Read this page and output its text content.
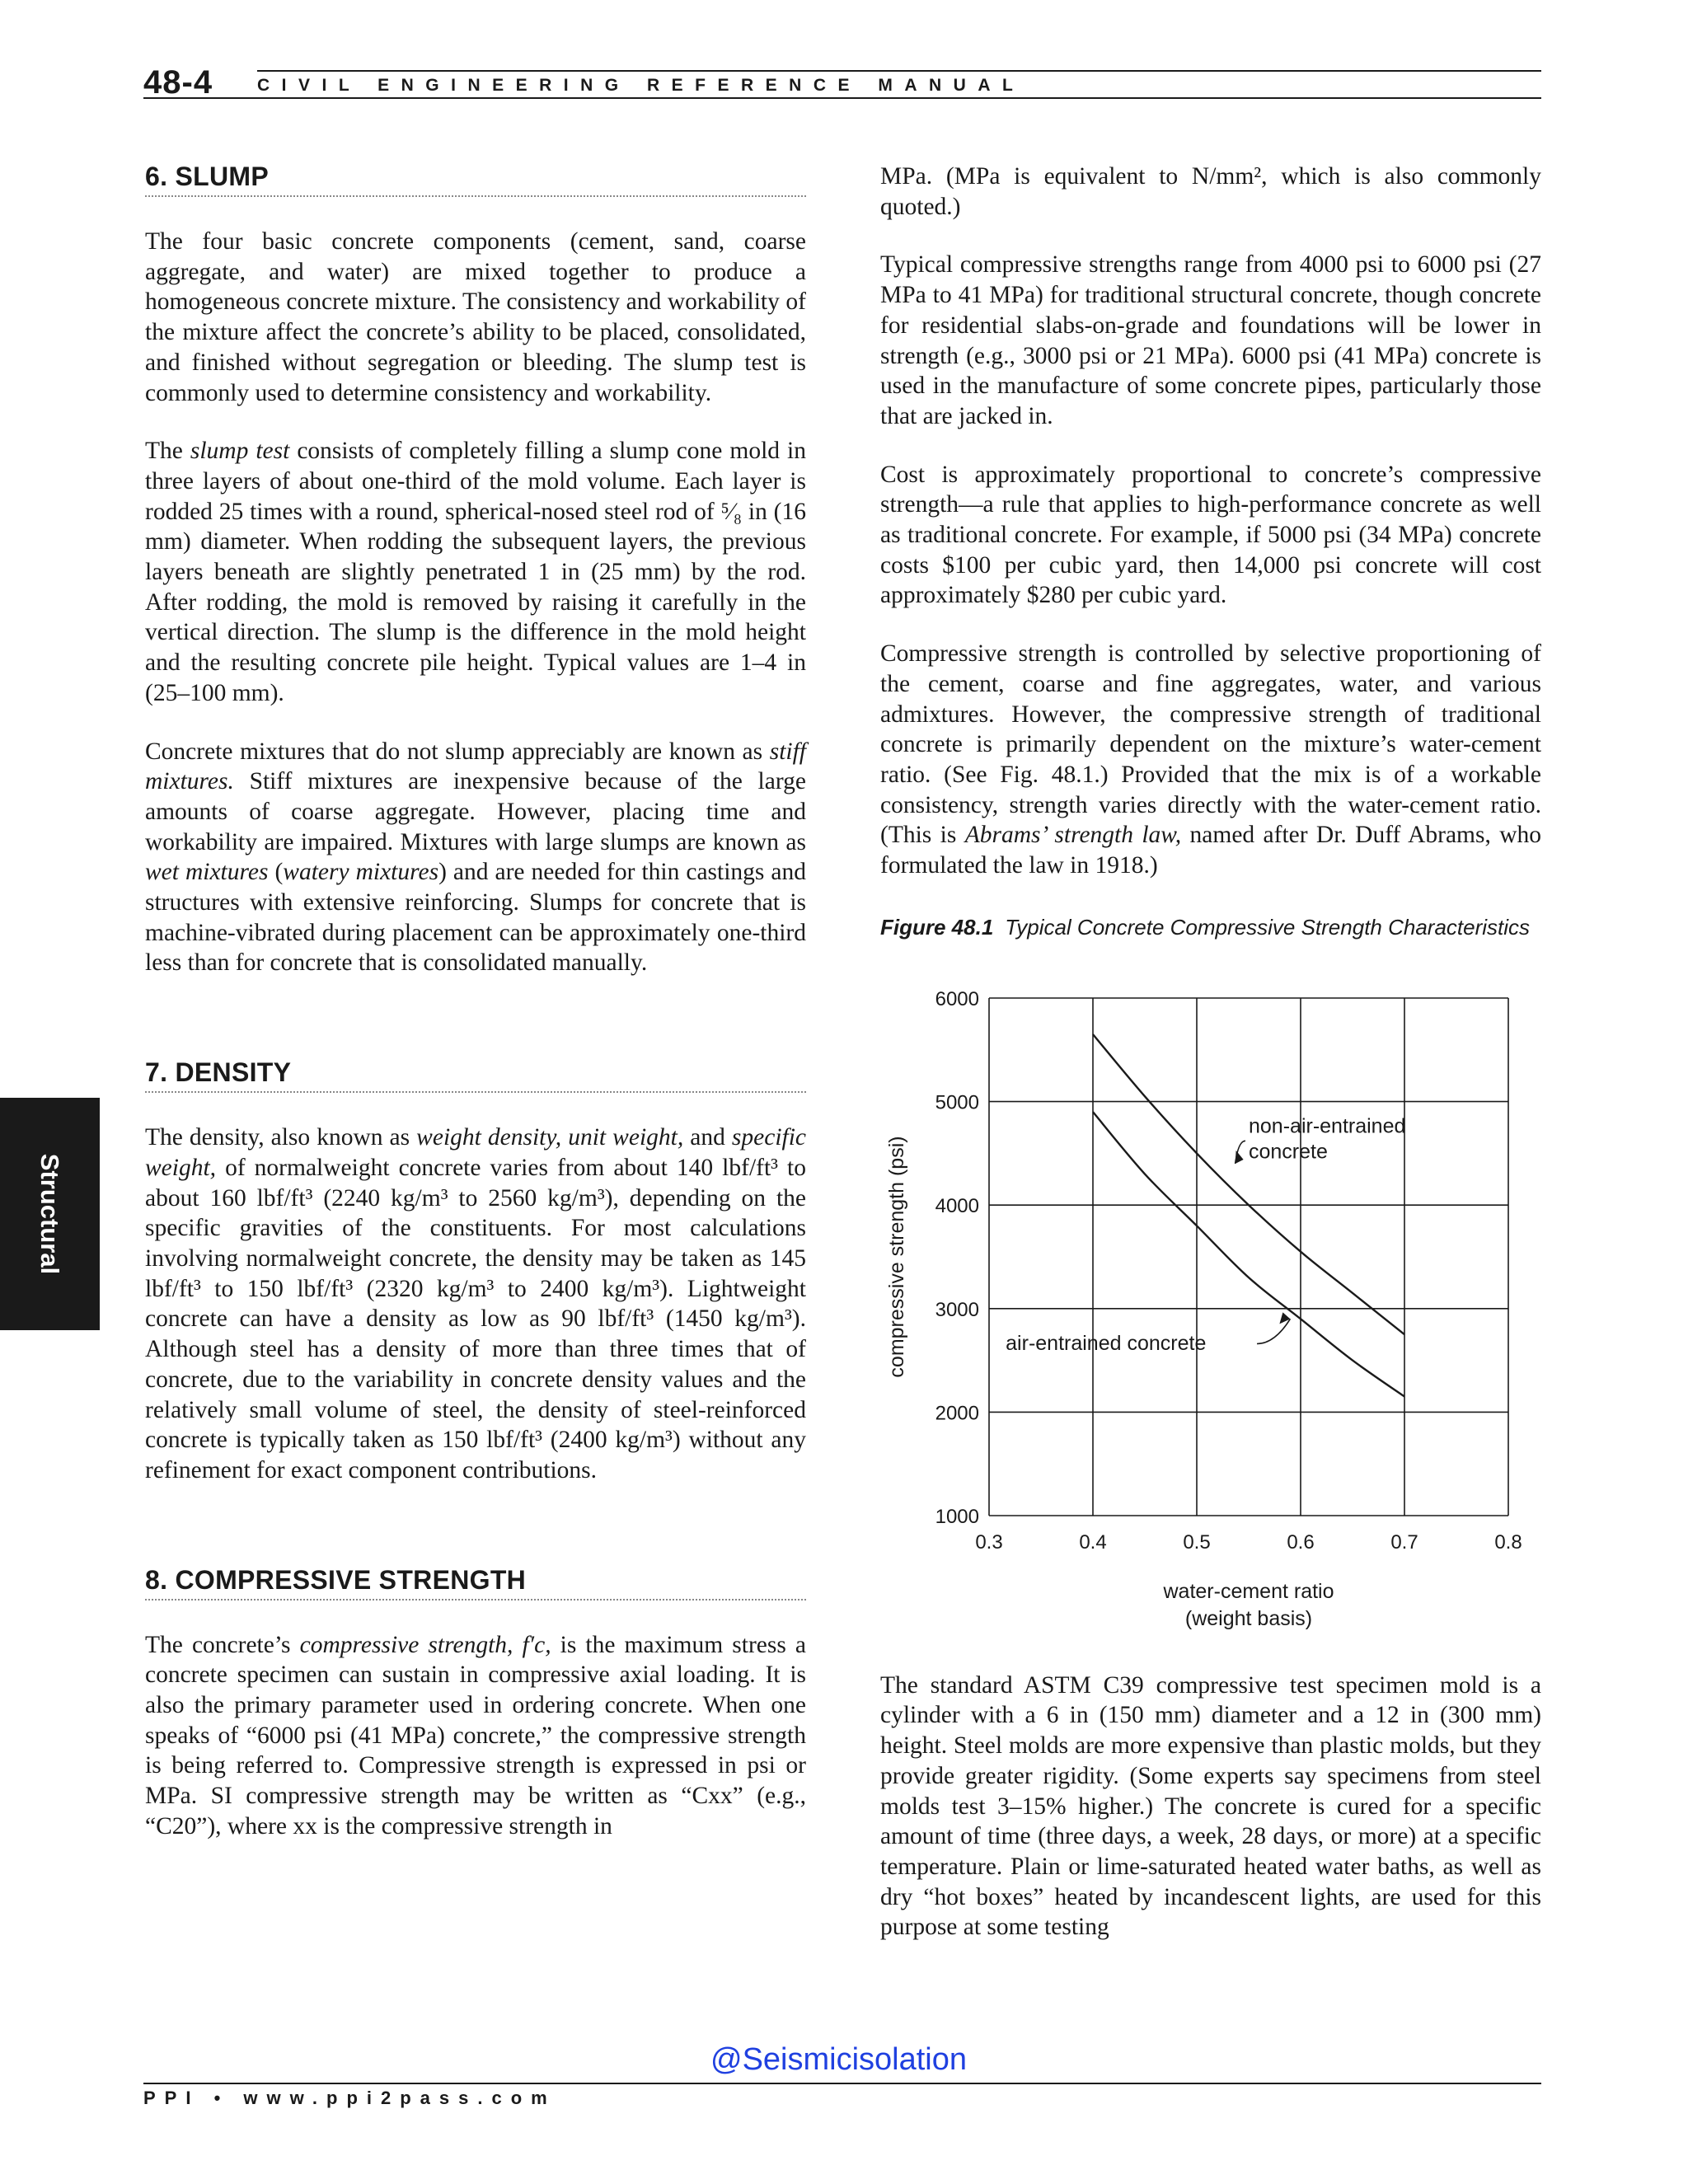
48-4	CIVIL ENGINEERING REFERENCE MANUAL
Structural
6. SLUMP

The four basic concrete components (cement, sand, coarse aggregate, and water) are mixed together to produce a homogeneous concrete mixture. The consistency and workability of the mixture affect the concrete’s ability to be placed, consolidated, and finished without segregation or bleeding. The slump test is commonly used to determine consistency and workability.

The slump test consists of completely filling a slump cone mold in three layers of about one-third of the mold volume. Each layer is rodded 25 times with a round, spherical-nosed steel rod of ⁵⁄₈ in (16 mm) diameter. When rodding the subsequent layers, the previous layers beneath are slightly penetrated 1 in (25 mm) by the rod. After rodding, the mold is removed by raising it carefully in the vertical direction. The slump is the difference in the mold height and the resulting concrete pile height. Typical values are 1–4 in (25–100 mm).

Concrete mixtures that do not slump appreciably are known as stiff mixtures. Stiff mixtures are inexpensive because of the large amounts of coarse aggregate. However, placing time and workability are impaired. Mixtures with large slumps are known as wet mixtures (watery mixtures) and are needed for thin castings and structures with extensive reinforcing. Slumps for concrete that is machine-vibrated during placement can be approximately one-third less than for concrete that is consolidated manually.

7. DENSITY

The density, also known as weight density, unit weight, and specific weight, of normalweight concrete varies from about 140 lbf/ft³ to about 160 lbf/ft³ (2240 kg/m³ to 2560 kg/m³), depending on the specific gravities of the constituents. For most calculations involving normalweight concrete, the density may be taken as 145 lbf/ft³ to 150 lbf/ft³ (2320 kg/m³ to 2400 kg/m³). Lightweight concrete can have a density as low as 90 lbf/ft³ (1450 kg/m³). Although steel has a density of more than three times that of concrete, due to the variability in concrete density values and the relatively small volume of steel, the density of steel-reinforced concrete is typically taken as 150 lbf/ft³ (2400 kg/m³) without any refinement for exact component contributions.

8. COMPRESSIVE STRENGTH

The concrete’s compressive strength, f′c, is the maximum stress a concrete specimen can sustain in compressive axial loading. It is also the primary parameter used in ordering concrete. When one speaks of “6000 psi (41 MPa) concrete,” the compressive strength is being referred to. Compressive strength is expressed in psi or MPa. SI compressive strength may be written as “Cxx” (e.g., “C20”), where xx is the compressive strength in

MPa. (MPa is equivalent to N/mm², which is also commonly quoted.)

Typical compressive strengths range from 4000 psi to 6000 psi (27 MPa to 41 MPa) for traditional structural concrete, though concrete for residential slabs-on-grade and foundations will be lower in strength (e.g., 3000 psi or 21 MPa). 6000 psi (41 MPa) concrete is used in the manufacture of some concrete pipes, particularly those that are jacked in.

Cost is approximately proportional to concrete’s compressive strength—a rule that applies to high-performance concrete as well as traditional concrete. For example, if 5000 psi (34 MPa) concrete costs $100 per cubic yard, then 14,000 psi concrete will cost approximately $280 per cubic yard.

Compressive strength is controlled by selective proportioning of the cement, coarse and fine aggregates, water, and various admixtures. However, the compressive strength of traditional concrete is primarily dependent on the mixture’s water-cement ratio. (See Fig. 48.1.) Provided that the mix is of a workable consistency, strength varies directly with the water-cement ratio. (This is Abrams’ strength law, named after Dr. Duff Abrams, who formulated the law in 1918.)

Figure 48.1 Typical Concrete Compressive Strength Characteristics
0.3	0.4	0.5	0.6	0.7	0.8
1000
2000
3000
4000
5000
6000
non-air-entrained
concrete
air-entrained concrete
compressive strength (psi)
water-cement ratio
(weight basis)

The standard ASTM C39 compressive test specimen mold is a cylinder with a 6 in (150 mm) diameter and a 12 in (300 mm) height. Steel molds are more expensive than plastic molds, but they provide greater rigidity. (Some experts say specimens from steel molds test 3–15% higher.) The concrete is cured for a specific amount of time (three days, a week, 28 days, or more) at a specific temperature. Plain or lime-saturated heated water baths, as well as dry “hot boxes” heated by incandescent lights, are used for this purpose at some testing

@Seismicisolation
PPI • www.ppi2pass.com
